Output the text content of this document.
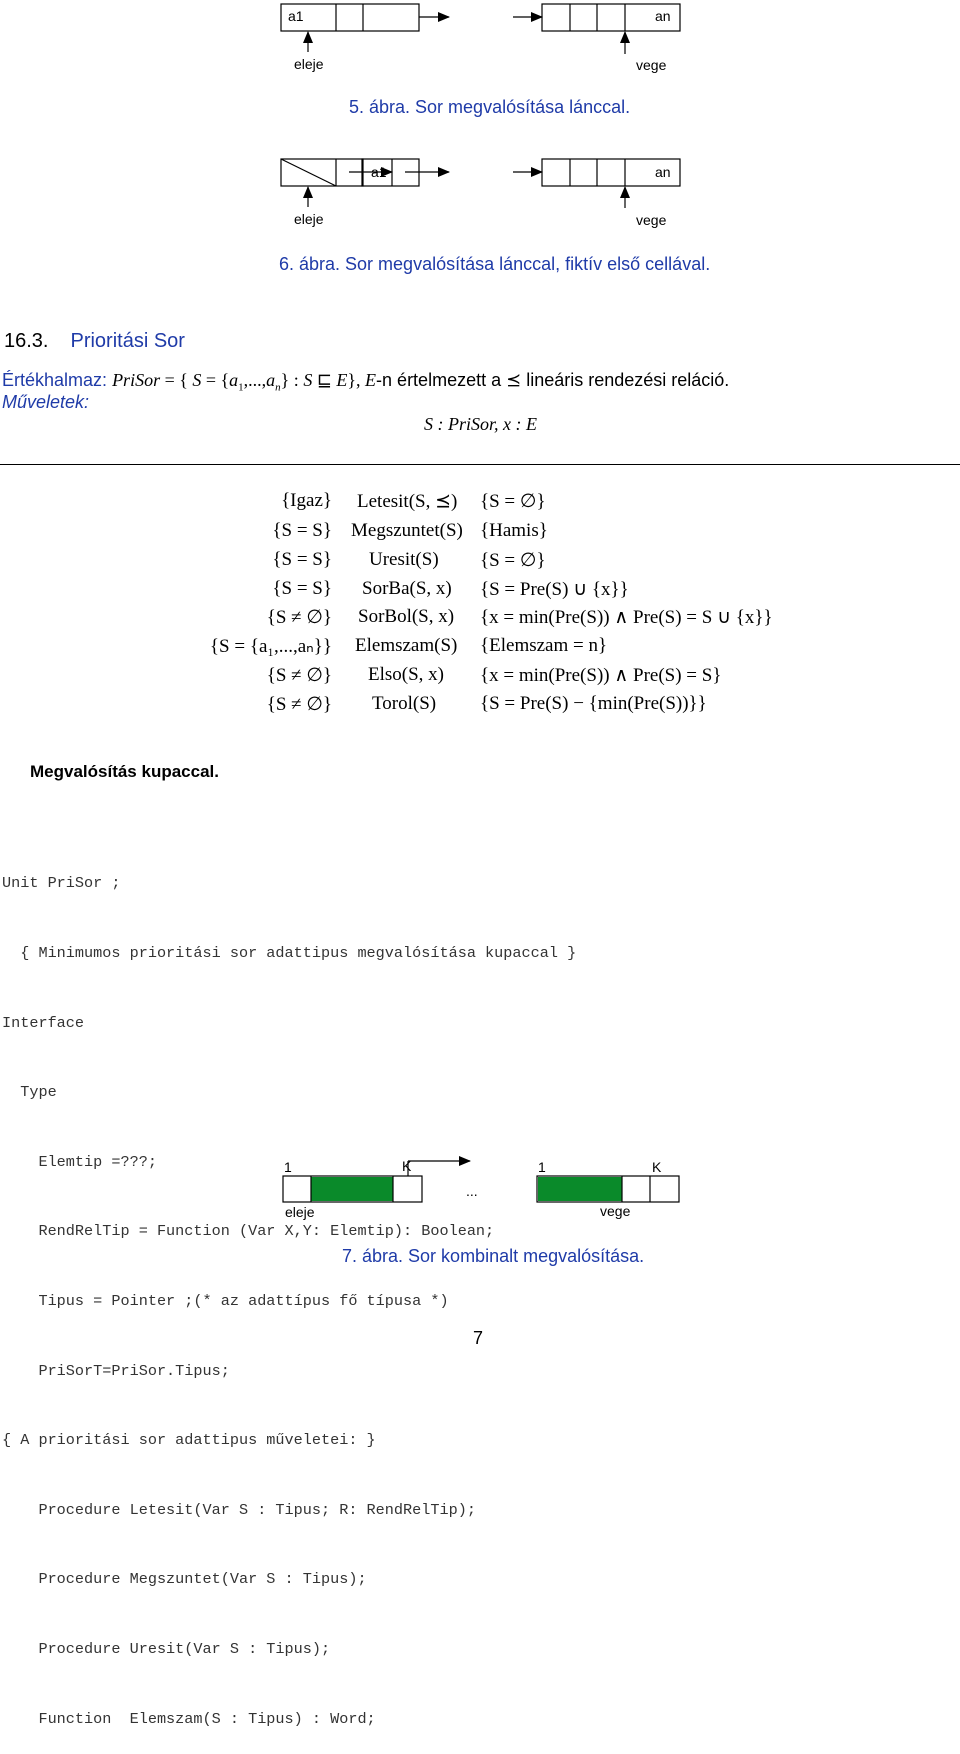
a1	an
eleje	vege
5. ábra. Sor megvalósítása lánccal.
a1	an
eleje	vege
6. ábra. Sor megvalósítása lánccal, fiktív első cellával.
16.3. Prioritási Sor
Értékhalmaz: PriSor = { $S = \{a_1,...,a_n\}$ : S ⊑ E}, E-n értelmezett a ⪯ lineáris rendezési reláció.
Műveletek:
S : PriSor, x : E
{Igaz} Letesit(S, ⪯) {S = ∅}
{S = S} Megszuntet(S) {Hamis}
{S = S} Uresit(S) {S = ∅}
{S = S} SorBa(S, x) {S = Pre(S) ∪ {x}}
{S ≠ ∅} SorBol(S, x) {x = min(Pre(S)) ∧ Pre(S) = S ∪ {x}}
{S = {a₁,...,aₙ}} Elemszam(S) {Elemszam = n}
{S ≠ ∅} Elso(S, x) {x = min(Pre(S)) ∧ Pre(S) = S}
{S ≠ ∅} Torol(S) {S = Pre(S) − {min(Pre(S))}}
Megvalósítás kupaccal.

Unit PriSor ;

{ Minimumos prioritási sor adattipus megvalósítása kupaccal }

Interface

Type

Elemtip =???;

RendRelTip = Function (Var X,Y: Elemtip): Boolean;

Tipus = Pointer ;(* az adattípus fő típusa *)

PriSorT=PriSor.Tipus;

{ A prioritási sor adattipus műveletei: }

Procedure Letesit(Var S : Tipus; R: RendRelTip);

Procedure Megszuntet(Var S : Tipus);

Procedure Uresit(Var S : Tipus);

Function  Elemszam(S : Tipus) : Word;

1	K	1	K
...
eleje	vege
7. ábra. Sor kombinalt megvalósítása.
7
